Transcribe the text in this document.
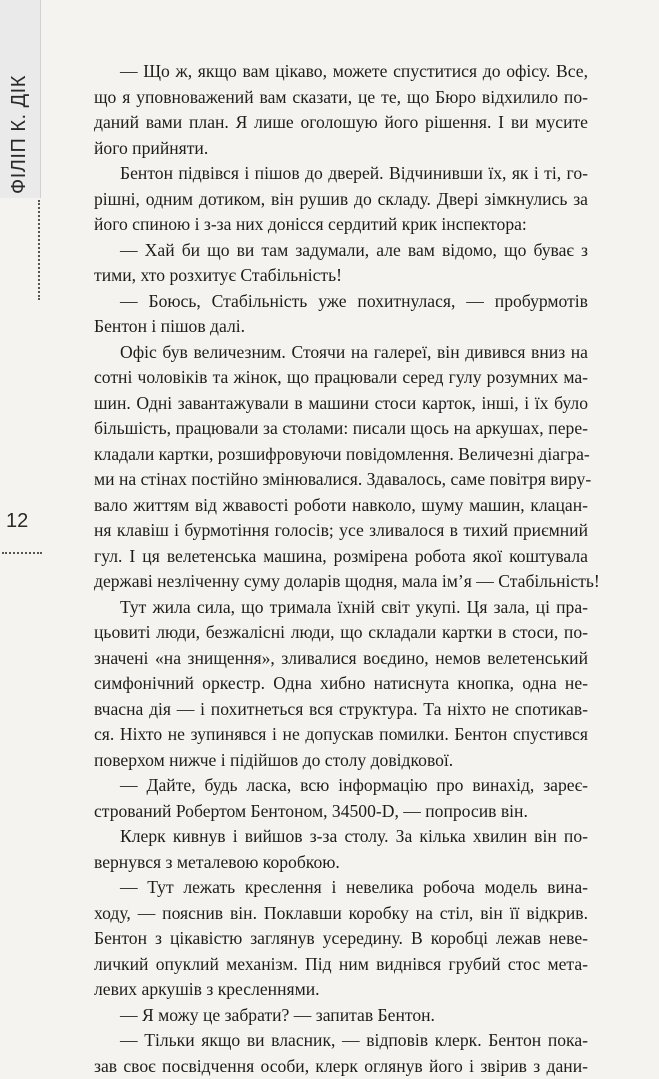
ФІЛІП К. ДІК
12

— Що ж, якщо вам цікаво, можете спуститися до офісу. Все,
що я уповноважений вам сказати, це те, що Бюро відхилило по-
даний вами план. Я лише оголошую його рішення. І ви мусите
його прийняти.

Бентон підвівся і пішов до дверей. Відчинивши їх, як і ті, го-
рішні, одним дотиком, він рушив до складу. Двері зімкнулись за
його спиною і з-за них донісся сердитий крик інспектора:

— Хай би що ви там задумали, але вам відомо, що буває з
тими, хто розхитує Стабільність!

— Боюсь, Стабільність уже похитнулася, — пробурмотів
Бентон і пішов далі.

Офіс був величезним. Стоячи на галереї, він дивився вниз на
сотні чоловіків та жінок, що працювали серед гулу розумних ма-
шин. Одні завантажували в машини стоси карток, інші, і їх було
більшість, працювали за столами: писали щось на аркушах, пере-
кладали картки, розшифровуючи повідомлення. Величезні діагра-
ми на стінах постійно змінювалися. Здавалось, саме повітря виру-
вало життям від жвавості роботи навколо, шуму машин, клацан-
ня клавіш і бурмотіння голосів; усе зливалося в тихий приємний
гул. І ця велетенська машина, розмірена робота якої коштувала
державі незліченну суму доларів щодня, мала ім’я — Стабільність!

Тут жила сила, що тримала їхній світ укупі. Ця зала, ці пра-
цьовиті люди, безжалісні люди, що складали картки в стоси, по-
значені «на знищення», зливалися воєдино, немов велетенський
симфонічний оркестр. Одна хибно натиснута кнопка, одна не-
вчасна дія — і похитнеться вся структура. Та ніхто не спотикав-
ся. Ніхто не зупинявся і не допускав помилки. Бентон спустився
поверхом нижче і підійшов до столу довідкової.

— Дайте, будь ласка, всю інформацію про винахід, зареє-
стрований Робертом Бентоном, 34500-D, — попросив він.

Клерк кивнув і вийшов з-за столу. За кілька хвилин він по-
вернувся з металевою коробкою.

— Тут лежать креслення і невелика робоча модель вина-
ходу, — пояснив він. Поклавши коробку на стіл, він її відкрив.
Бентон з цікавістю заглянув усередину. В коробці лежав неве-
личкий опуклий механізм. Під ним виднівся грубий стос мета-
левих аркушів з кресленнями.

— Я можу це забрати? — запитав Бентон.

— Тільки якщо ви власник, — відповів клерк. Бентон пока-
зав своє посвідчення особи, клерк оглянув його і звірив з дани-
